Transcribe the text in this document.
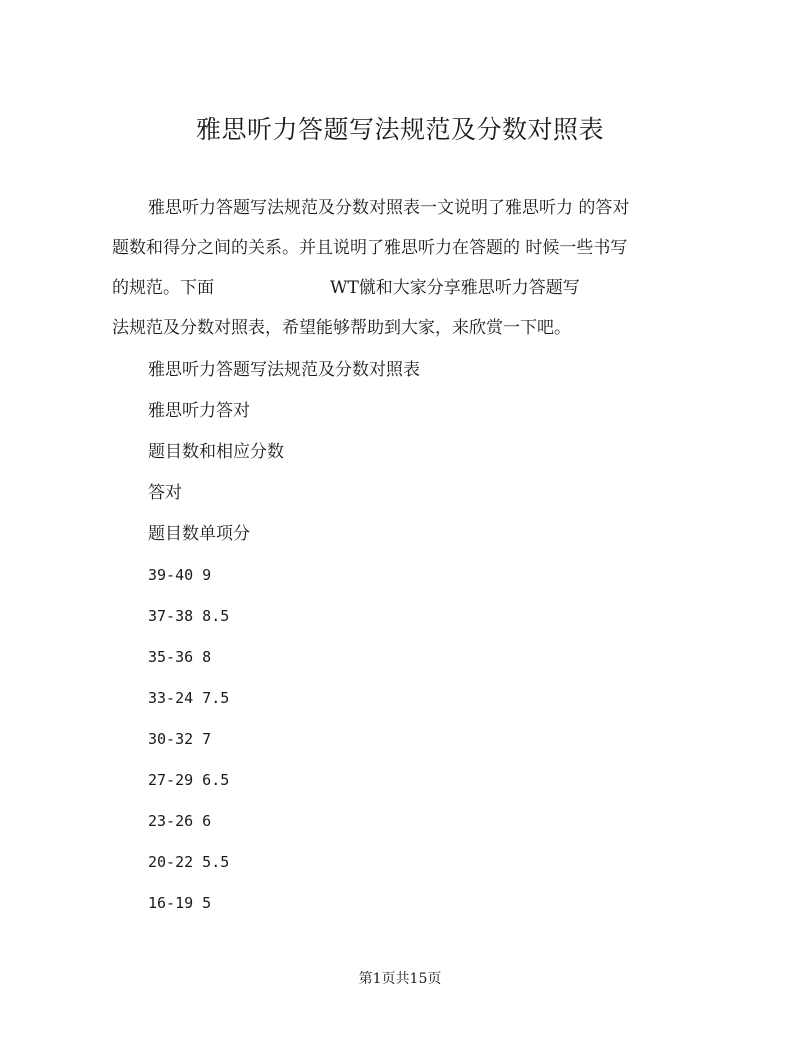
雅思听力答题写法规范及分数对照表
雅思听力答题写法规范及分数对照表一文说明了雅思听力 的答对
题数和得分之间的关系。并且说明了雅思听力在答题的 时候一些书写
的规范。下面	WT僦和大家分享雅思听力答题写
法规范及分数对照表，希望能够帮助到大家，来欣赏一下吧。
雅思听力答题写法规范及分数对照表
雅思听力答对
题目数和相应分数
答对
题目数单项分
39-40 9
37-38 8.5
35-36 8
33-24 7.5
30-32 7
27-29 6.5
23-26 6
20-22 5.5
16-19 5
第1页共15页
